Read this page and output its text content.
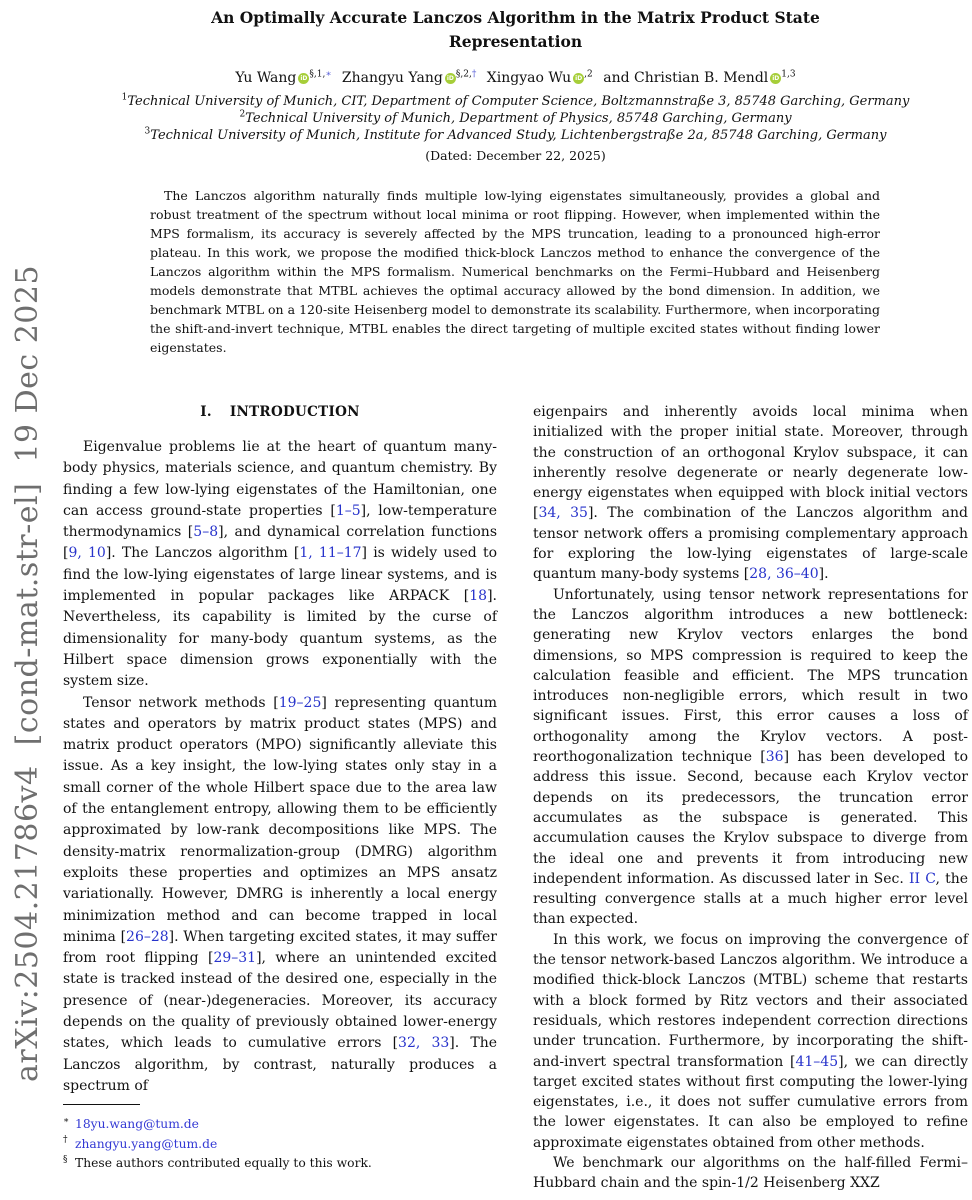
arXiv:2504.21786v4  [cond-mat.str-el]  19 Dec 2025
An Optimally Accurate Lanczos Algorithm in the Matrix Product State Representation
Yu Wang iD $^{\S,1,∗}$ Zhangyu Yang iD $^{\S,2,\dagger}$ Xingyao Wu iD $^{,2}$ and Christian B. Mendl iD $^{1,3}$
$^1$Technical University of Munich, CIT, Department of Computer Science, Boltzmannstraße 3, 85748 Garching, Germany
$^2$Technical University of Munich, Department of Physics, 85748 Garching, Germany
$^3$Technical University of Munich, Institute for Advanced Study, Lichtenbergstraße 2a, 85748 Garching, Germany
(Dated: December 22, 2025)

The Lanczos algorithm naturally finds multiple low-lying eigenstates simultaneously, provides a global and robust treatment of the spectrum without local minima or root flipping. However, when implemented within the MPS formalism, its accuracy is severely affected by the MPS truncation, leading to a pronounced high-error plateau. In this work, we propose the modified thick-block Lanczos method to enhance the convergence of the Lanczos algorithm within the MPS formalism. Numerical benchmarks on the Fermi–Hubbard and Heisenberg models demonstrate that MTBL achieves the optimal accuracy allowed by the bond dimension. In addition, we benchmark MTBL on a 120-site Heisenberg model to demonstrate its scalability. Furthermore, when incorporating the shift-and-invert technique, MTBL enables the direct targeting of multiple excited states without finding lower eigenstates.

I. INTRODUCTION

Eigenvalue problems lie at the heart of quantum many-body physics, materials science, and quantum chemistry. By finding a few low-lying eigenstates of the Hamiltonian, one can access ground-state properties [1–5], low-temperature thermodynamics [5–8], and dynamical correlation functions [9, 10]. The Lanczos algorithm [1, 11–17] is widely used to find the low-lying eigenstates of large linear systems, and is implemented in popular packages like ARPACK [18]. Nevertheless, its capability is limited by the curse of dimensionality for many-body quantum systems, as the Hilbert space dimension grows exponentially with the system size.

Tensor network methods [19–25] representing quantum states and operators by matrix product states (MPS) and matrix product operators (MPO) significantly alleviate this issue. As a key insight, the low-lying states only stay in a small corner of the whole Hilbert space due to the area law of the entanglement entropy, allowing them to be efficiently approximated by low-rank decompositions like MPS. The density-matrix renormalization-group (DMRG) algorithm exploits these properties and optimizes an MPS ansatz variationally. However, DMRG is inherently a local energy minimization method and can become trapped in local minima [26–28]. When targeting excited states, it may suffer from root flipping [29–31], where an unintended excited state is tracked instead of the desired one, especially in the presence of (near-)degeneracies. Moreover, its accuracy depends on the quality of previously obtained lower-energy states, which leads to cumulative errors [32, 33]. The Lanczos algorithm, by contrast, naturally produces a spectrum of

eigenpairs and inherently avoids local minima when initialized with the proper initial state. Moreover, through the construction of an orthogonal Krylov subspace, it can inherently resolve degenerate or nearly degenerate low-energy eigenstates when equipped with block initial vectors [34, 35]. The combination of the Lanczos algorithm and tensor network offers a promising complementary approach for exploring the low-lying eigenstates of large-scale quantum many-body systems [28, 36–40].

Unfortunately, using tensor network representations for the Lanczos algorithm introduces a new bottleneck: generating new Krylov vectors enlarges the bond dimensions, so MPS compression is required to keep the calculation feasible and efficient. The MPS truncation introduces non-negligible errors, which result in two significant issues. First, this error causes a loss of orthogonality among the Krylov vectors. A post-reorthogonalization technique [36] has been developed to address this issue. Second, because each Krylov vector depends on its predecessors, the truncation error accumulates as the subspace is generated. This accumulation causes the Krylov subspace to diverge from the ideal one and prevents it from introducing new independent information. As discussed later in Sec. II C, the resulting convergence stalls at a much higher error level than expected.

In this work, we focus on improving the convergence of the tensor network-based Lanczos algorithm. We introduce a modified thick-block Lanczos (MTBL) scheme that restarts with a block formed by Ritz vectors and their associated residuals, which restores independent correction directions under truncation. Furthermore, by incorporating the shift-and-invert spectral transformation [41–45], we can directly target excited states without first computing the lower-lying eigenstates, i.e., it does not suffer cumulative errors from the lower eigenstates. It can also be employed to refine approximate eigenstates obtained from other methods.

We benchmark our algorithms on the half-filled Fermi–Hubbard chain and the spin-1/2 Heisenberg XXZ

∗ 18yu.wang@tum.de
† zhangyu.yang@tum.de
§ These authors contributed equally to this work.
